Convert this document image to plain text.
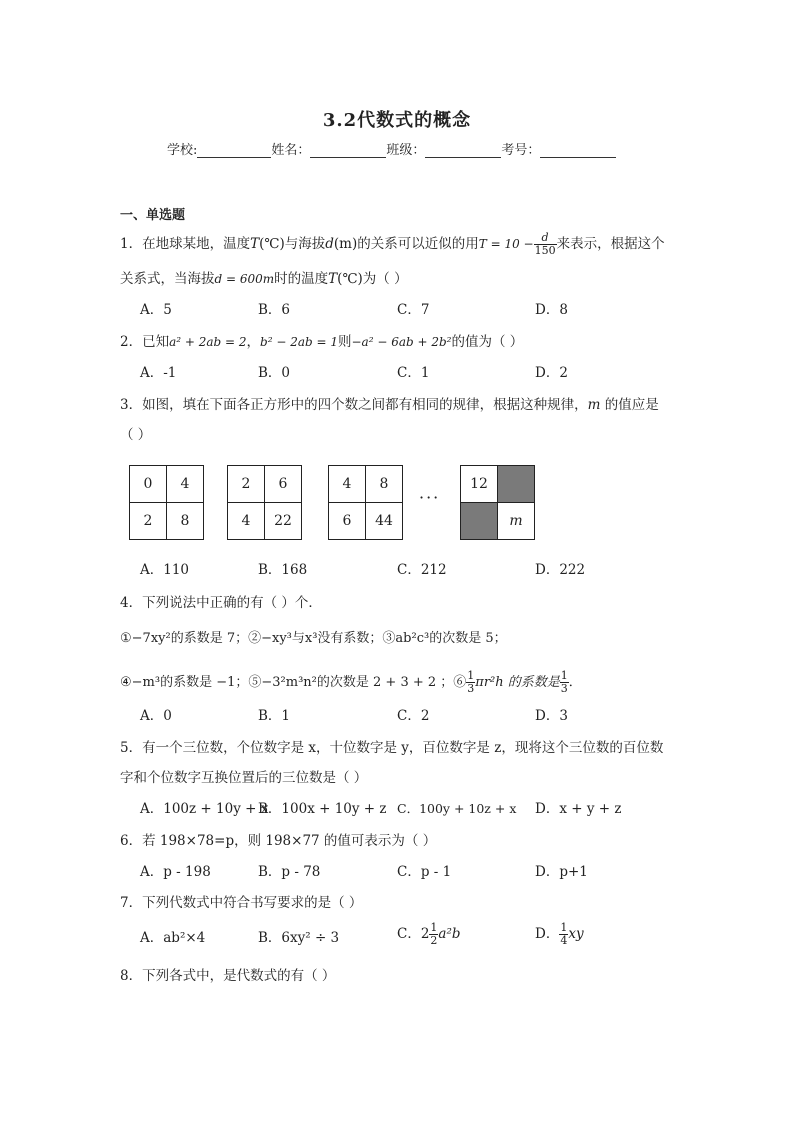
3.2代数式的概念
学校:	姓名：	班级：	考号：
一、单选题
1．在地球某地，温度T(℃)与海拔d(m)的关系可以近似的用$T = 10 - \frac{d}{150}$ 来表示，根据这个
关系式，当海拔d = 600m时的温度T(℃)为（ ）
A．5	B．6	C．7	D．8
2．已知a² + 2ab = 2，b² − 2ab = 1则−a² − 6ab + 2b²的值为（ ）
A．-1	B．0	C．1	D．2
3．如图，填在下面各正方形中的四个数之间都有相同的规律，根据这种规律，m 的值应是
（ ）
0	4
2	8
2	6
4	22
4	8
6	44
···
12	
	m
A．110	B．168	C．212	D．222
4．下列说法中正确的有（ ）个．
①−7xy²的系数是 7；②−xy³与x³没有系数；③ab²c³的次数是 5；
④−m³的系数是 −1；⑤−3²m³n²的次数是 2 + 3 + 2 ；⑥ $\frac{1}{3} \pi r^2h$ 的系数是 $\frac{1}{3}$ ．
A．0	B．1	C．2	D．3
5．有一个三位数，个位数字是 x，十位数字是 y，百位数字是 z，现将这个三位数的百位数
字和个位数字互换位置后的三位数是（ ）
A．100z + 10y + x
B．100x + 10y + z C．100y + 10z + x D．x + y + z
6．若 198×78=p，则 198×77 的值可表示为（ ）
A．p - 198	B．p - 78	C．p - 1	D．p+1
7．下列代数式中符合书写要求的是（ ）
A．ab²×4	B．6xy² ÷ 3	C．$2 \frac{1}{2} a^2b$	D． $\frac{1}{4}$ xy
8．下列各式中，是代数式的有（ ）
